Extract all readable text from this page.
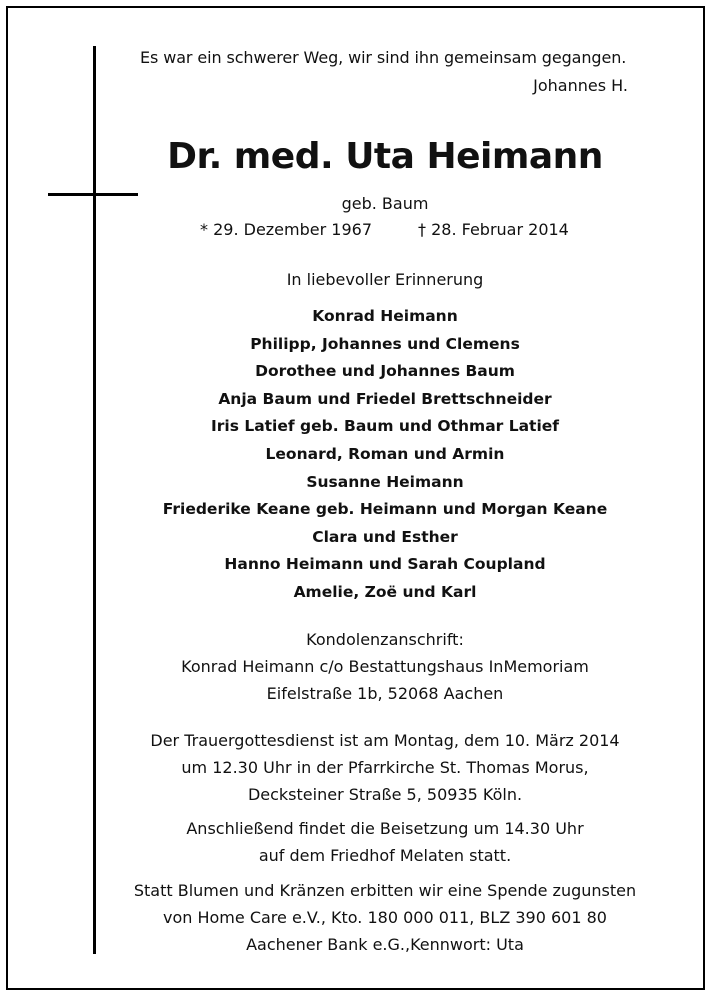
Es war ein schwerer Weg, wir sind ihn gemeinsam gegangen.
Johannes H.
Dr. med. Uta Heimann
geb. Baum
* 29. Dezember 1967	† 28. Februar 2014
In liebevoller Erinnerung
Konrad Heimann
Philipp, Johannes und Clemens
Dorothee und Johannes Baum
Anja Baum und Friedel Brettschneider
Iris Latief geb. Baum und Othmar Latief
Leonard, Roman und Armin
Susanne Heimann
Friederike Keane geb. Heimann und Morgan Keane
Clara und Esther
Hanno Heimann und Sarah Coupland
Amelie, Zoë und Karl
Kondolenzanschrift:
Konrad Heimann c/o Bestattungshaus InMemoriam
Eifelstraße 1b, 52068 Aachen
Der Trauergottesdienst ist am Montag, dem 10. März 2014
um 12.30 Uhr in der Pfarrkirche St. Thomas Morus,
Decksteiner Straße 5, 50935 Köln.
Anschließend findet die Beisetzung um 14.30 Uhr
auf dem Friedhof Melaten statt.
Statt Blumen und Kränzen erbitten wir eine Spende zugunsten
von Home Care e.V., Kto. 180 000 011, BLZ 390 601 80
Aachener Bank e.G.,Kennwort: Uta
